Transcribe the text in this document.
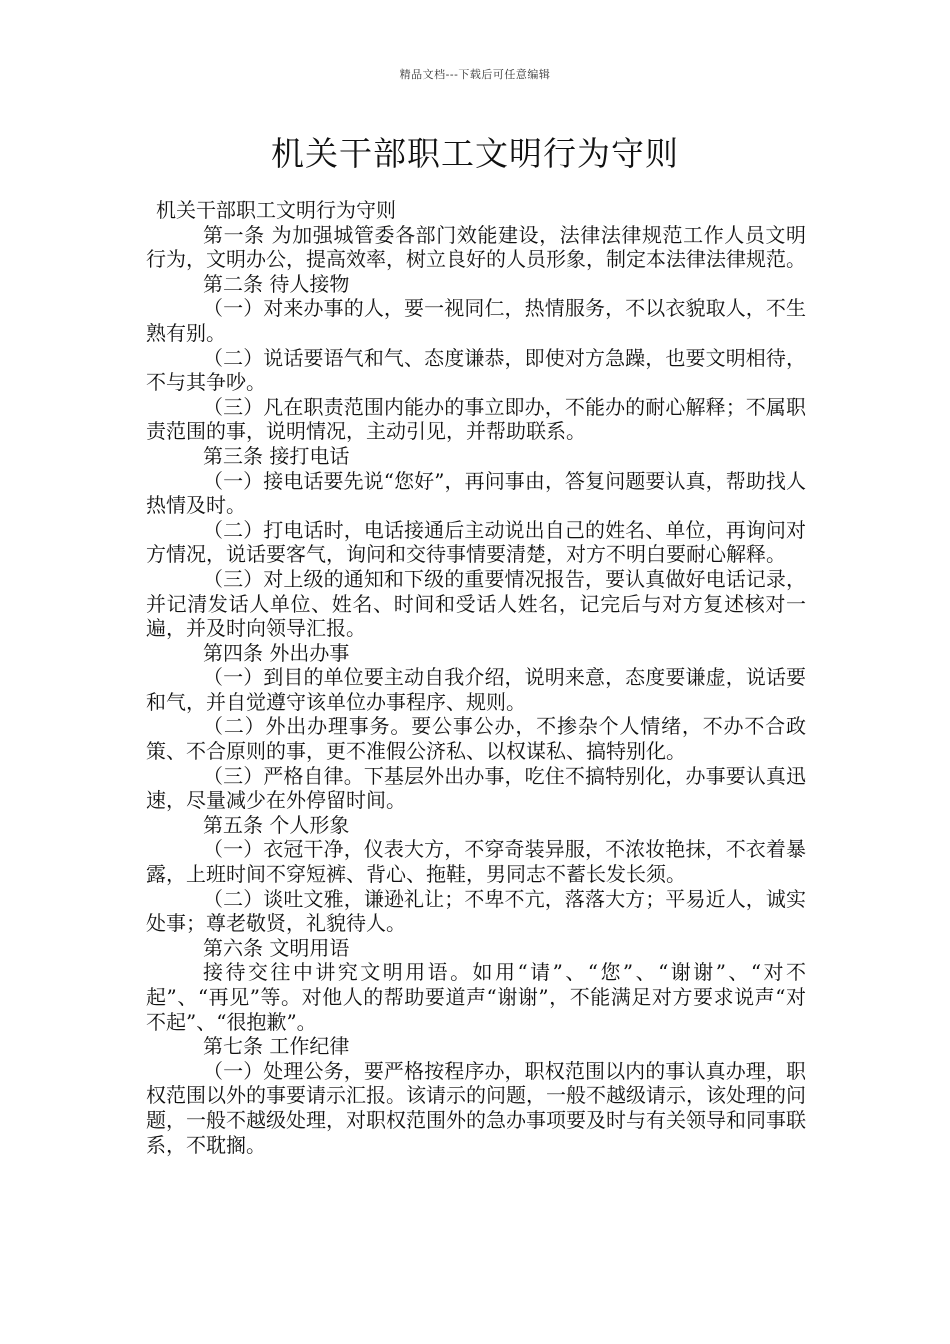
精品文档---下载后可任意编辑
机关干部职工文明行为守则

机关干部职工文明行为守则

第一条 为加强城管委各部门效能建设，法律法律规范工作人员文明行为，文明办公，提高效率，树立良好的人员形象，制定本法律法律规范。

第二条 待人接物

（一）对来办事的人，要一视同仁，热情服务，不以衣貌取人，不生熟有别。

（二）说话要语气和气、态度谦恭，即使对方急躁，也要文明相待，不与其争吵。

（三）凡在职责范围内能办的事立即办，不能办的耐心解释；不属职责范围的事，说明情况，主动引见，并帮助联系。

第三条 接打电话

（一）接电话要先说“您好”，再问事由，答复问题要认真，帮助找人热情及时。

（二）打电话时，电话接通后主动说出自己的姓名、单位，再询问对方情况，说话要客气，询问和交待事情要清楚，对方不明白要耐心解释。

（三）对上级的通知和下级的重要情况报告，要认真做好电话记录，并记清发话人单位、姓名、时间和受话人姓名，记完后与对方复述核对一遍，并及时向领导汇报。

第四条 外出办事

（一）到目的单位要主动自我介绍，说明来意，态度要谦虚，说话要和气，并自觉遵守该单位办事程序、规则。

（二）外出办理事务。要公事公办，不掺杂个人情绪，不办不合政策、不合原则的事，更不准假公济私、以权谋私、搞特别化。

（三）严格自律。下基层外出办事，吃住不搞特别化，办事要认真迅速，尽量减少在外停留时间。

第五条 个人形象

（一）衣冠干净，仪表大方，不穿奇装异服，不浓妆艳抹，不衣着暴露，上班时间不穿短裤、背心、拖鞋，男同志不蓄长发长须。

（二）谈吐文雅，谦逊礼让；不卑不亢，落落大方；平易近人，诚实处事；尊老敬贤，礼貌待人。

第六条 文明用语

接待交往中讲究文明用语。如用“请”、“您”、“谢谢”、“对不起”、“再见”等。对他人的帮助要道声“谢谢”，不能满足对方要求说声“对不起”、“很抱歉”。

第七条 工作纪律

（一）处理公务，要严格按程序办，职权范围以内的事认真办理，职权范围以外的事要请示汇报。该请示的问题，一般不越级请示，该处理的问题，一般不越级处理，对职权范围外的急办事项要及时与有关领导和同事联系，不耽搁。
